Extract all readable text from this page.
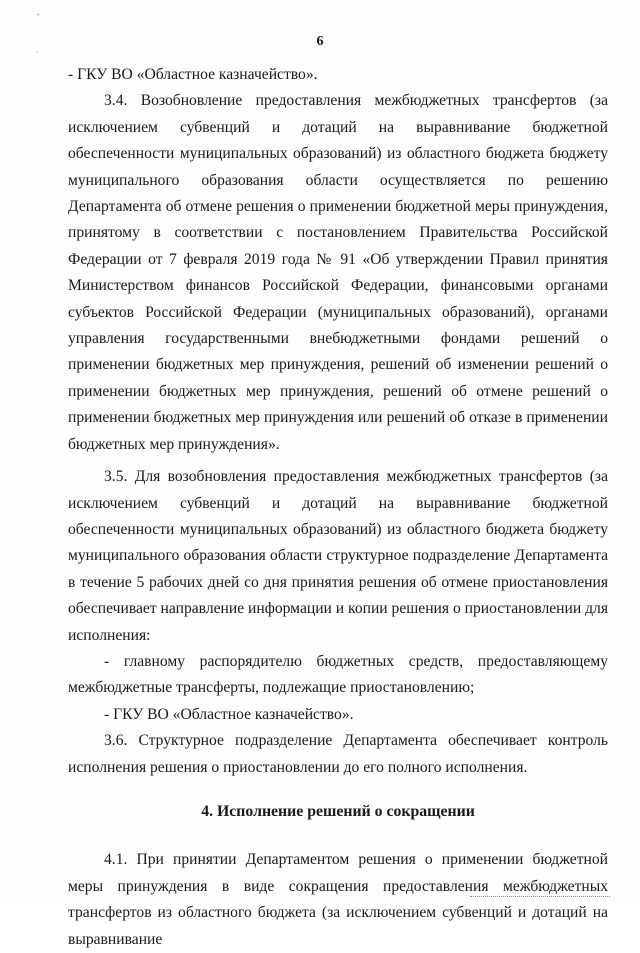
ˇ
·
6

- ГКУ ВО «Областное казначейство».

3.4. Возобновление предоставления межбюджетных трансфертов (за исключением субвенций и дотаций на выравнивание бюджетной обеспеченности муниципальных образований) из областного бюджета бюджету муниципального образования области осуществляется по решению Департамента об отмене решения о применении бюджетной меры принуждения, принятому в соответствии с постановлением Правительства Российской Федерации от 7 февраля 2019 года № 91 «Об утверждении Правил принятия Министерством финансов Российской Федерации, финансовыми органами субъектов Российской Федерации (муниципальных образований), органами управления государственными внебюджетными фондами решений о применении бюджетных мер принуждения, решений об изменении решений о применении бюджетных мер принуждения, решений об отмене решений о применении бюджетных мер принуждения или решений об отказе в применении бюджетных мер принуждения».

3.5. Для возобновления предоставления межбюджетных трансфертов (за исключением субвенций и дотаций на выравнивание бюджетной обеспеченности муниципальных образований) из областного бюджета бюджету муниципального образования области структурное подразделение Департамента в течение 5 рабочих дней со дня принятия решения об отмене приостановления обеспечивает направление информации и копии решения о приостановлении для исполнения:

- главному распорядителю бюджетных средств, предоставляющему межбюджетные трансферты, подлежащие приостановлению;

- ГКУ ВО «Областное казначейство».

3.6. Структурное подразделение Департамента обеспечивает контроль исполнения решения о приостановлении до его полного исполнения.

4. Исполнение решений о сокращении

4.1. При принятии Департаментом решения о применении бюджетной меры принуждения в виде сокращения предоставления межбюджетных трансфертов из областного бюджета (за исключением субвенций и дотаций на выравнивание
